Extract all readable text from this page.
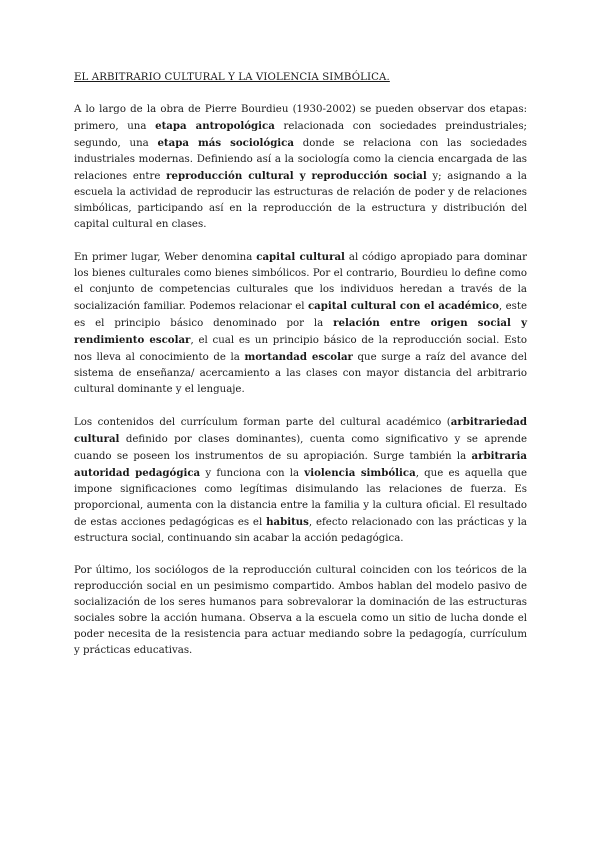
EL ARBITRARIO CULTURAL Y LA VIOLENCIA SIMBÓLICA.

A lo largo de la obra de Pierre Bourdieu (1930-2002) se pueden observar dos etapas: primero, una etapa antropológica relacionada con sociedades preindustriales; segundo, una etapa más sociológica donde se relaciona con las sociedades industriales modernas. Definiendo así a la sociología como la ciencia encargada de las relaciones entre reproducción cultural y reproducción social y; asignando a la escuela la actividad de reproducir las estructuras de relación de poder y de relaciones simbólicas, participando así en la reproducción de la estructura y distribución del capital cultural en clases.

En primer lugar, Weber denomina capital cultural al código apropiado para dominar los bienes culturales como bienes simbólicos. Por el contrario, Bourdieu lo define como el conjunto de competencias culturales que los individuos heredan a través de la socialización familiar. Podemos relacionar el capital cultural con el académico, este es el principio básico denominado por la relación entre origen social y rendimiento escolar, el cual es un principio básico de la reproducción social. Esto nos lleva al conocimiento de la mortandad escolar que surge a raíz del avance del sistema de enseñanza/ acercamiento a las clases con mayor distancia del arbitrario cultural dominante y el lenguaje.

Los contenidos del currículum forman parte del cultural académico (arbitrariedad cultural definido por clases dominantes), cuenta como significativo y se aprende cuando se poseen los instrumentos de su apropiación. Surge también la arbitraria autoridad pedagógica y funciona con la violencia simbólica, que es aquella que impone significaciones como legítimas disimulando las relaciones de fuerza. Es proporcional, aumenta con la distancia entre la familia y la cultura oficial. El resultado de estas acciones pedagógicas es el habitus, efecto relacionado con las prácticas y la estructura social, continuando sin acabar la acción pedagógica.

Por último, los sociólogos de la reproducción cultural coinciden con los teóricos de la reproducción social en un pesimismo compartido. Ambos hablan del modelo pasivo de socialización de los seres humanos para sobrevalorar la dominación de las estructuras sociales sobre la acción humana. Observa a la escuela como un sitio de lucha donde el poder necesita de la resistencia para actuar mediando sobre la pedagogía, currículum y prácticas educativas.
